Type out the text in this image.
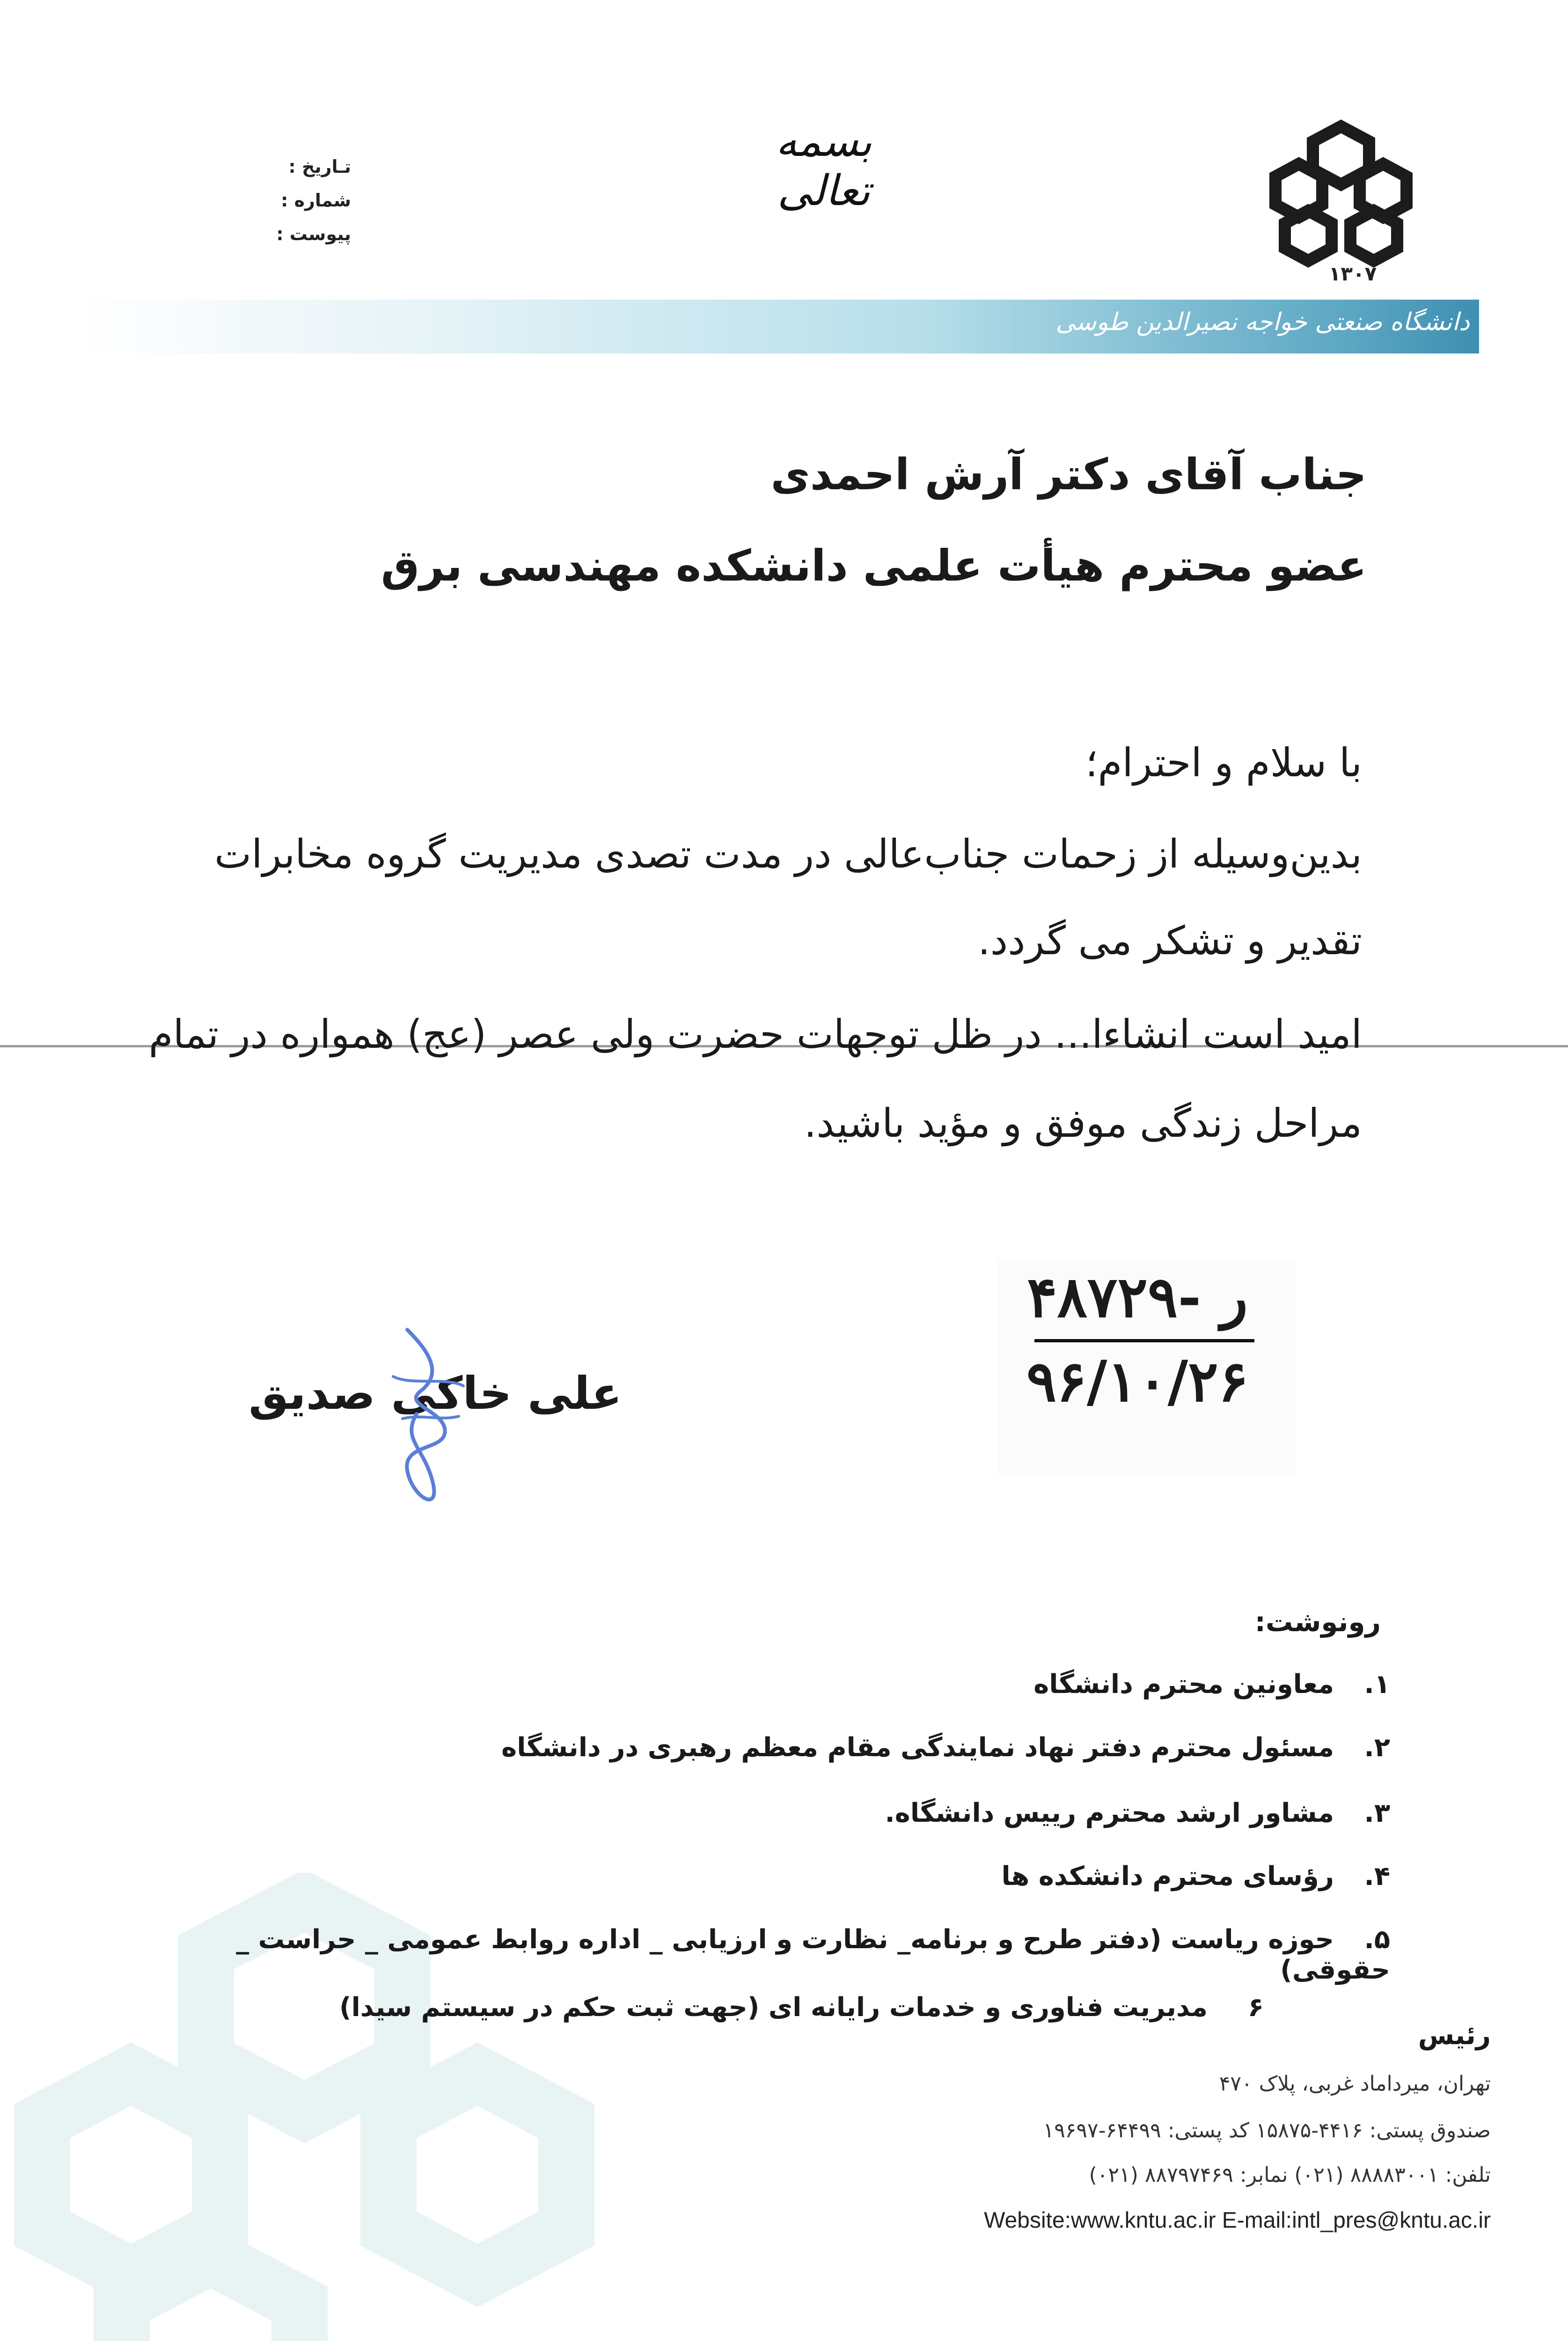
بسمه تعالی
۱۳۰۷
تـاریخ :
شماره :
پیوست :
دانشگاه صنعتی خواجه نصیرالدین طوسی
جناب آقای دکتر آرش احمدی
عضو محترم هیأت علمی دانشکده مهندسی برق
با سلام و احترام؛
بدین‌وسیله از زحمات جناب‌عالی در مدت تصدی مدیریت گروه مخابرات
تقدیر و تشکر می گردد.
امید است انشاءا... در ظل توجهات حضرت ولی عصر (عج) همواره در تمام
مراحل زندگی موفق و مؤید باشید.
ر -۴۸۷۲۹
۹۶/۱۰/۲۶
علی خاکی صدیق
رونوشت:
۱.معاونین محترم دانشگاه
۲.مسئول محترم دفتر نهاد نمایندگی مقام معظم رهبری در دانشگاه
۳.مشاور ارشد محترم رییس دانشگاه.
۴.رؤسای محترم دانشکده ها
۵.حوزه ریاست (دفتر طرح و برنامه_ نظارت و ارزیابی _ اداره روابط عمومی _ حراست _ حقوقی)
۶مدیریت فناوری و خدمات رایانه ای (جهت ثبت حکم در سیستم سیدا)
رئیس
تهران، میرداماد غربی، پلاک ۴۷۰
صندوق پستی: ۴۴۱۶-۱۵۸۷۵ کد پستی: ۶۴۴۹۹-۱۹۶۹۷
تلفن: ۸۸۸۸۳۰۰۱ (۰۲۱) نمابر: ۸۸۷۹۷۴۶۹ (۰۲۱)
Website:www.kntu.ac.ir E-mail:intl_pres@kntu.ac.ir
